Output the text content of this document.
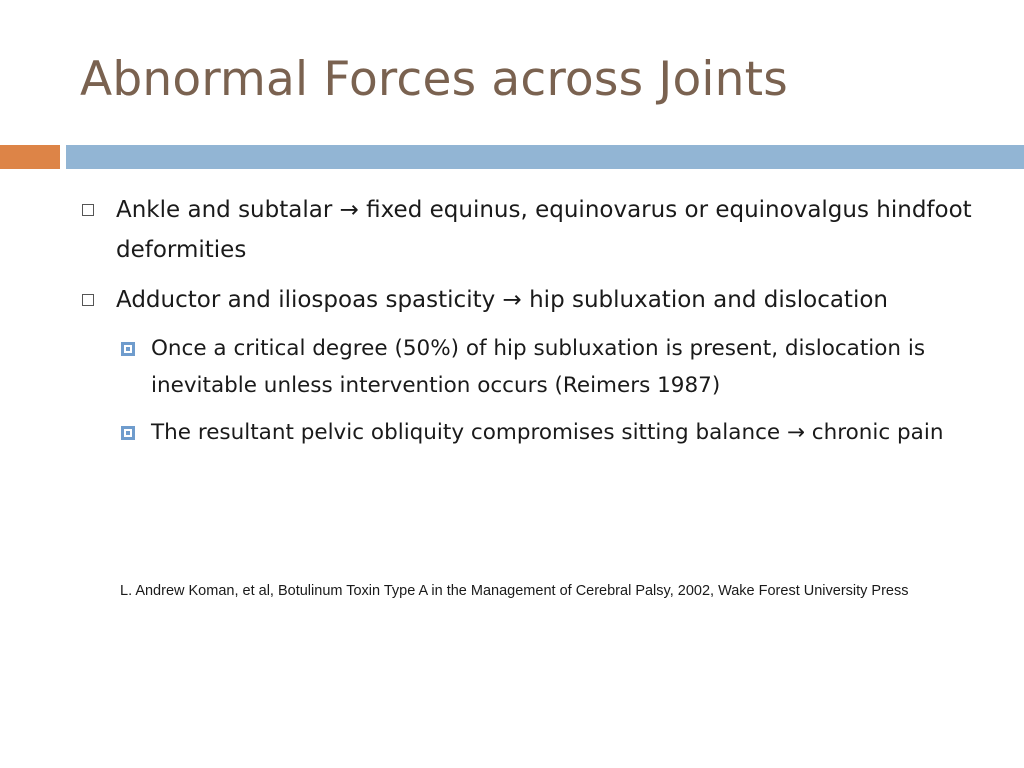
Abnormal Forces across Joints
Ankle and subtalar → fixed equinus, equinovarus or equinovalgus hindfoot deformities
Adductor and iliospoas spasticity → hip subluxation and dislocation
Once a critical degree (50%) of hip subluxation is present, dislocation is inevitable unless intervention occurs (Reimers 1987)
The resultant pelvic obliquity compromises sitting balance → chronic pain
L. Andrew Koman, et al, Botulinum Toxin Type A in the Management of Cerebral Palsy, 2002, Wake Forest University Press
